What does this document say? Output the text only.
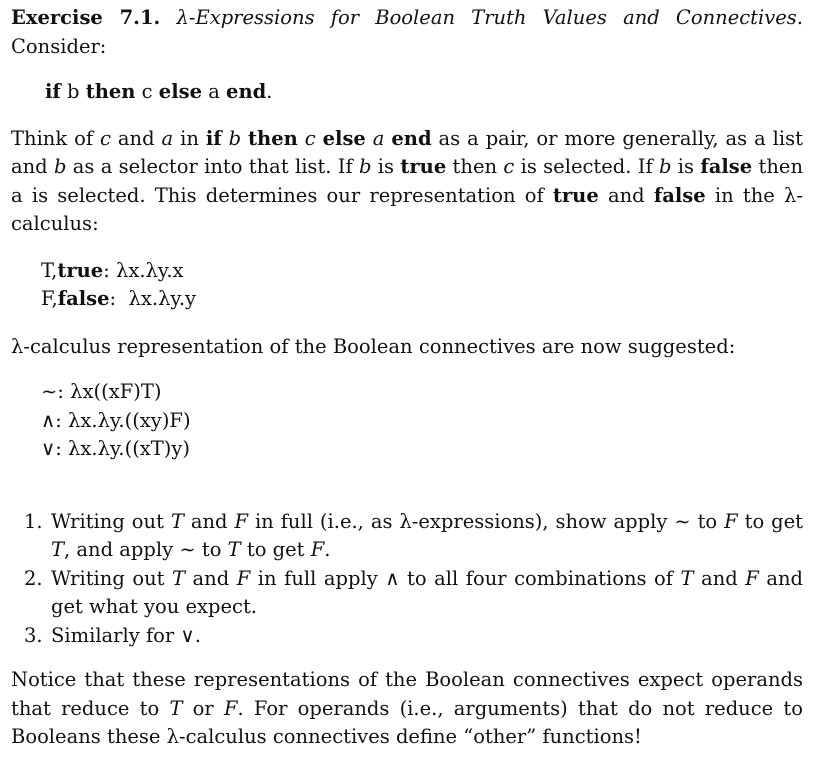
Exercise 7.1. λ-Expressions for Boolean Truth Values and Connectives. Consider:

if b then c else a end.

Think of c and a in if b then c else a end as a pair, or more generally, as a list and b as a selector into that list. If b is true then c is selected. If b is false then a is selected. This determines our representation of true and false in the λ-calculus:

T,true: λx.λy.x
F,false: λx.λy.y

λ-calculus representation of the Boolean connectives are now suggested:

∼: λx((xF)T)
∧: λx.λy.((xy)F)
∨: λx.λy.((xT)y)
1. Writing out T and F in full (i.e., as λ-expressions), show apply ∼ to F to get T, and apply ∼ to T to get F.
2. Writing out T and F in full apply ∧ to all four combinations of T and F and get what you expect.
3. Similarly for ∨.

Notice that these representations of the Boolean connectives expect operands that reduce to T or F. For operands (i.e., arguments) that do not reduce to Booleans these λ-calculus connectives define “other” functions!
